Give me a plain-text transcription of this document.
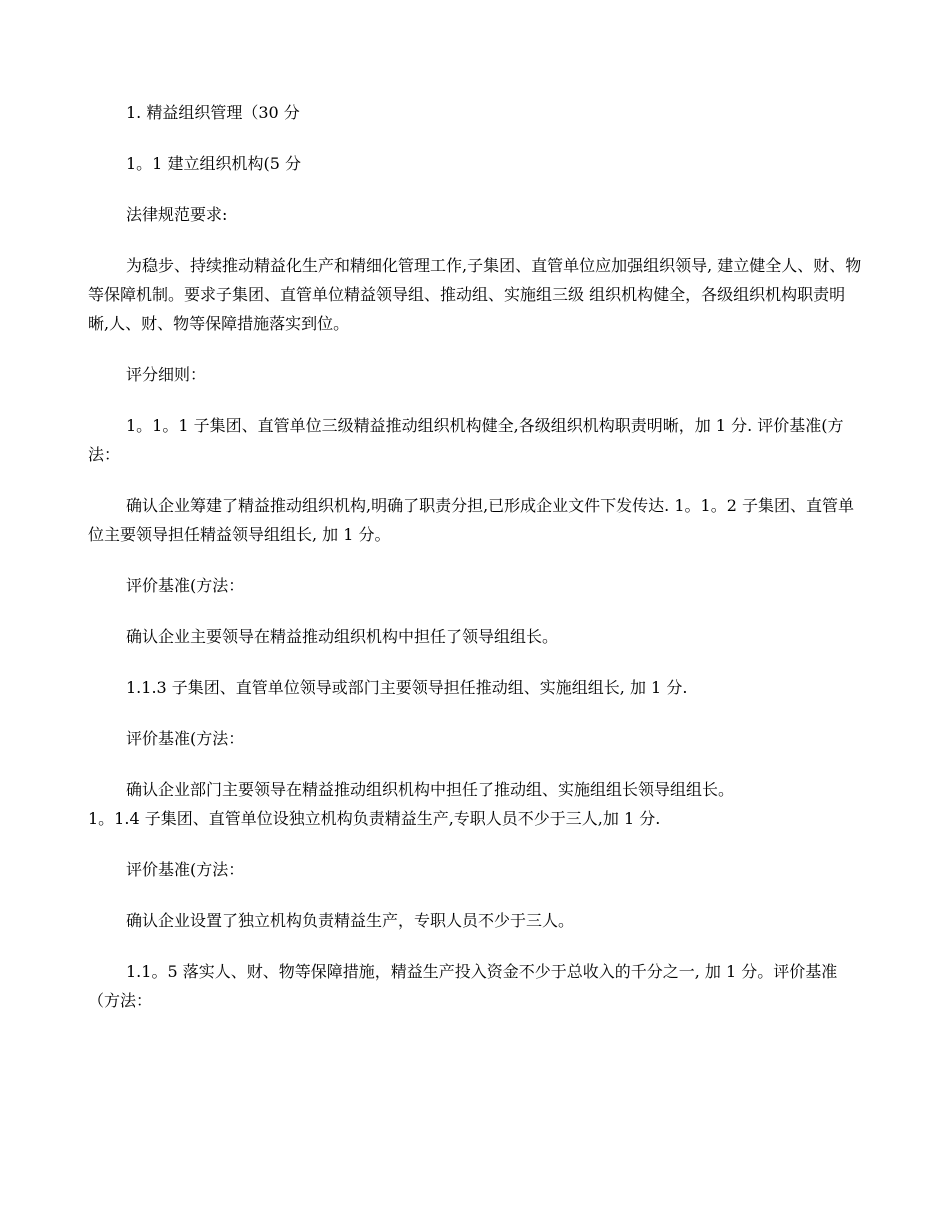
1. 精益组织管理（30 分

1。1 建立组织机构(5 分

法律规范要求:

为稳步、持续推动精益化生产和精细化管理工作,子集团、直管单位应加强组织领导, 建立健全人、财、物等保障机制。要求子集团、直管单位精益领导组、推动组、实施组三级 组织机构健全，各级组织机构职责明晰,人、财、物等保障措施落实到位。

评分细则：

1。1。1 子集团、直管单位三级精益推动组织机构健全,各级组织机构职责明晰，加 1 分. 评价基准(方法：

确认企业筹建了精益推动组织机构,明确了职责分担,已形成企业文件下发传达. 1。1。2 子集团、直管单位主要领导担任精益领导组组长, 加 1 分。

评价基准(方法：

确认企业主要领导在精益推动组织机构中担任了领导组组长。

1.1.3 子集团、直管单位领导或部门主要领导担任推动组、实施组组长, 加 1 分.

评价基准(方法：

确认企业部门主要领导在精益推动组织机构中担任了推动组、实施组组长领导组组长。

1。1.4 子集团、直管单位设独立机构负责精益生产,专职人员不少于三人,加 1 分.

评价基准(方法：

确认企业设置了独立机构负责精益生产，专职人员不少于三人。

1.1。5 落实人、财、物等保障措施，精益生产投入资金不少于总收入的千分之一, 加 1 分。评价基准（方法：
